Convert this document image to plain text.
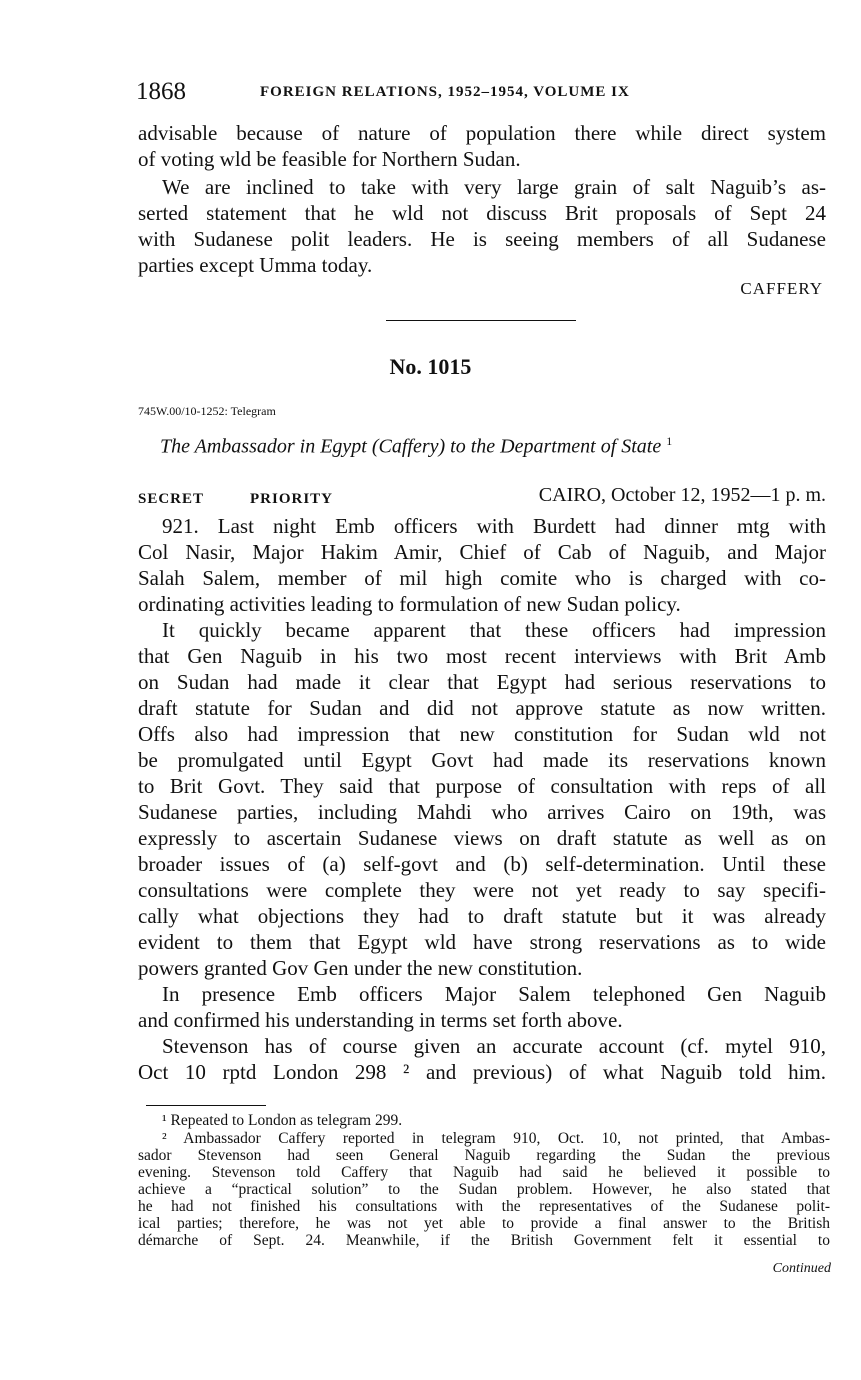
1868	FOREIGN RELATIONS, 1952–1954, VOLUME IX
advisable because of nature of population there while direct system
of voting wld be feasible for Northern Sudan.
We are inclined to take with very large grain of salt Naguib’s as-
serted statement that he wld not discuss Brit proposals of Sept 24
with Sudanese polit leaders. He is seeing members of all Sudanese
parties except Umma today.
CAFFERY
No. 1015
745W.00/10-1252: Telegram
The Ambassador in Egypt (Caffery) to the Department of State $^1$
SECRET	PRIORITY	CAIRO, October 12, 1952—1 p. m.
921. Last night Emb officers with Burdett had dinner mtg with
Col Nasir, Major Hakim Amir, Chief of Cab of Naguib, and Major
Salah Salem, member of mil high comite who is charged with co-
ordinating activities leading to formulation of new Sudan policy.
It quickly became apparent that these officers had impression
that Gen Naguib in his two most recent interviews with Brit Amb
on Sudan had made it clear that Egypt had serious reservations to
draft statute for Sudan and did not approve statute as now written.
Offs also had impression that new constitution for Sudan wld not
be promulgated until Egypt Govt had made its reservations known
to Brit Govt. They said that purpose of consultation with reps of all
Sudanese parties, including Mahdi who arrives Cairo on 19th, was
expressly to ascertain Sudanese views on draft statute as well as on
broader issues of (a) self-govt and (b) self-determination. Until these
consultations were complete they were not yet ready to say specifi-
cally what objections they had to draft statute but it was already
evident to them that Egypt wld have strong reservations as to wide
powers granted Gov Gen under the new constitution.
In presence Emb officers Major Salem telephoned Gen Naguib
and confirmed his understanding in terms set forth above.
Stevenson has of course given an accurate account (cf. mytel 910,
Oct 10 rptd London 298 ² and previous) of what Naguib told him.
¹ Repeated to London as telegram 299.
² Ambassador Caffery reported in telegram 910, Oct. 10, not printed, that Ambas-
sador Stevenson had seen General Naguib regarding the Sudan the previous
evening. Stevenson told Caffery that Naguib had said he believed it possible to
achieve a “practical solution” to the Sudan problem. However, he also stated that
he had not finished his consultations with the representatives of the Sudanese polit-
ical parties; therefore, he was not yet able to provide a final answer to the British
démarche of Sept. 24. Meanwhile, if the British Government felt it essential to
Continued
